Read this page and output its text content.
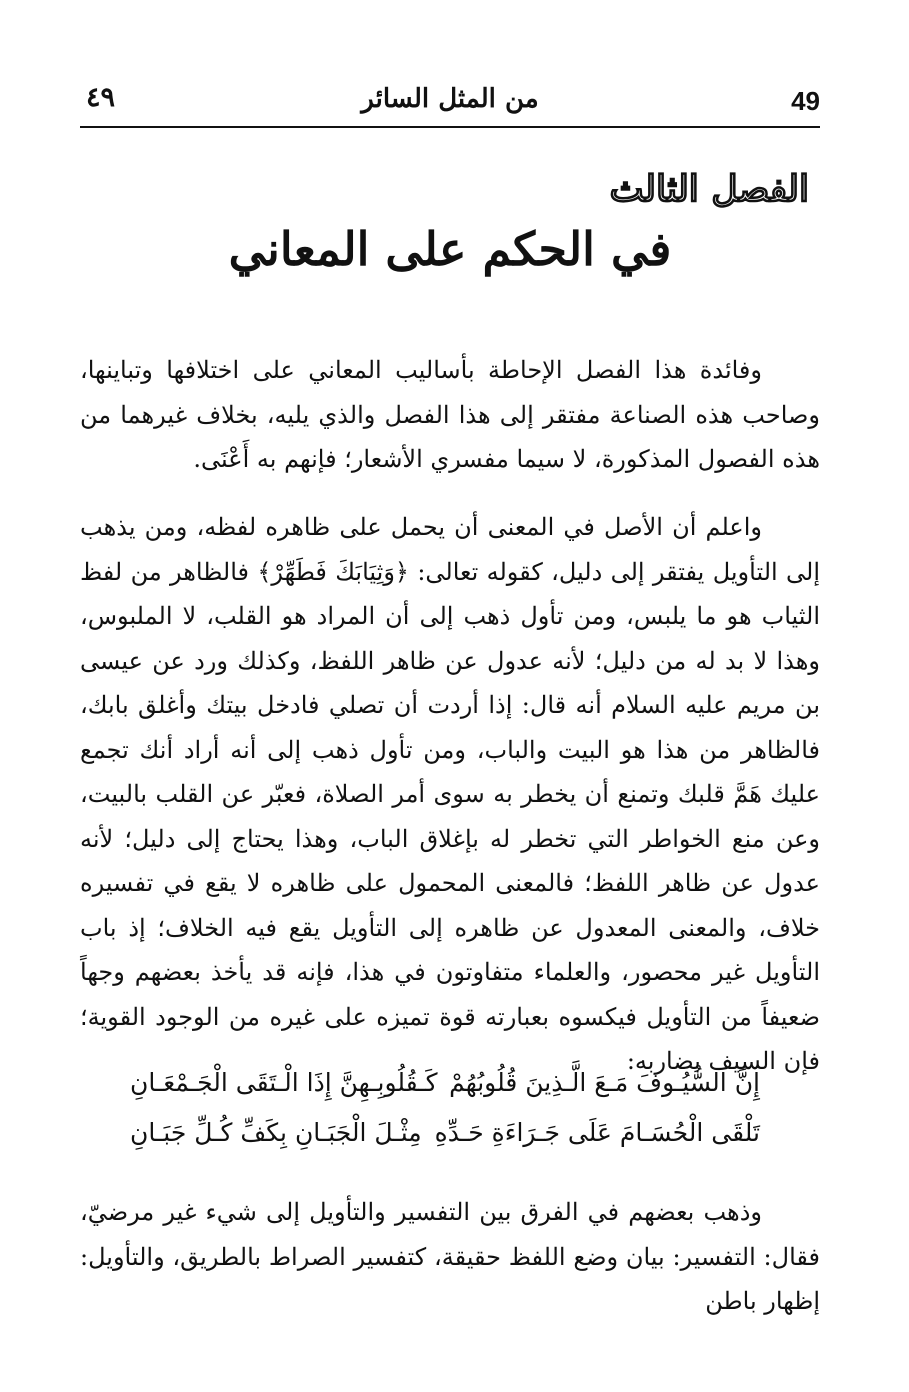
49
من المثل السائر
٤٩
الفصل الثالث
في الحكم على المعاني

وفائدة هذا الفصل الإحاطة بأساليب المعاني على اختلافها وتباينها، وصاحب هذه الصناعة مفتقر إلى هذا الفصل والذي يليه، بخلاف غيرهما من هذه الفصول المذكورة، لا سيما مفسري الأشعار؛ فإنهم به أَعْنَى.

واعلم أن الأصل في المعنى أن يحمل على ظاهره لفظه، ومن يذهب إلى التأويل يفتقر إلى دليل، كقوله تعالى: ﴿وَثِيَابَكَ فَطَهِّرْ﴾ فالظاهر من لفظ الثياب هو ما يلبس، ومن تأول ذهب إلى أن المراد هو القلب، لا الملبوس، وهذا لا بد له من دليل؛ لأنه عدول عن ظاهر اللفظ، وكذلك ورد عن عيسى بن مريم عليه السلام أنه قال: إذا أردت أن تصلي فادخل بيتك وأغلق بابك، فالظاهر من هذا هو البيت والباب، ومن تأول ذهب إلى أنه أراد أنك تجمع عليك هَمَّ قلبك وتمنع أن يخطر به سوى أمر الصلاة، فعبّر عن القلب بالبيت، وعن منع الخواطر التي تخطر له بإغلاق الباب، وهذا يحتاج إلى دليل؛ لأنه عدول عن ظاهر اللفظ؛ فالمعنى المحمول على ظاهره لا يقع في تفسيره خلاف، والمعنى المعدول عن ظاهره إلى التأويل يقع فيه الخلاف؛ إذ باب التأويل غير محصور، والعلماء متفاوتون في هذا، فإنه قد يأخذ بعضهم وجهاً ضعيفاً من التأويل فيكسوه بعبارته قوة تميزه على غيره من الوجود القوية؛ فإن السيف بضاربه:

إِنَّ السُّيُـوفَ مَـعَ الَّـذِينَ قُلُوبُهُمْ
كَـقُلُوبِـهِنَّ إِذَا الْـتَقَى الْجَـمْعَـانِ
تَلْقَى الْحُسَـامَ عَلَى جَـرَاءَةِ حَـدِّهِ
مِثْـلَ الْجَبَـانِ بِكَفِّ كُـلِّ جَبَـانِ

وذهب بعضهم في الفرق بين التفسير والتأويل إلى شيء غير مرضيّ، فقال: التفسير: بيان وضع اللفظ حقيقة، كتفسير الصراط بالطريق، والتأويل: إظهار باطن
